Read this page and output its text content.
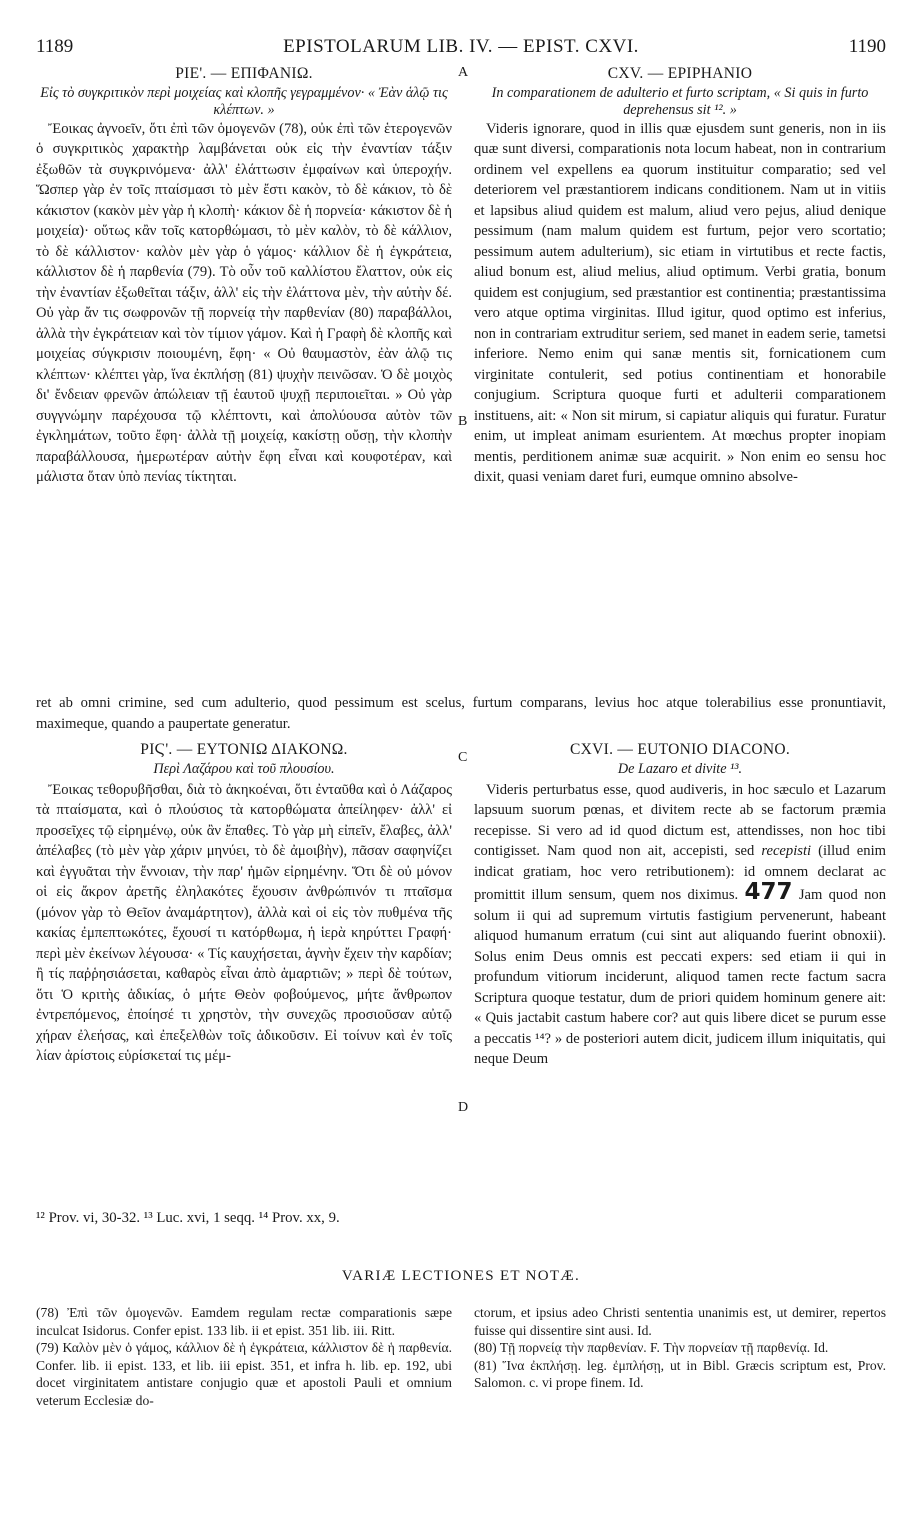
1189	EPISTOLARUM LIB. IV. — EPIST. CXVI.	1190
A
B
C
D
ΡΙΕ'. — ΕΠΙΦΑΝΙΩ.
Εἰς τὸ συγκριτικὸν περὶ μοιχείας καὶ κλοπῆς γεγραμμένον· « Ἐὰν ἁλῷ τις κλέπτων. »
Ἔοικας ἀγνοεῖν, ὅτι ἐπὶ τῶν ὁμογενῶν (78), οὐκ ἐπὶ τῶν ἑτερογενῶν ὁ συγκριτικὸς χαρακτὴρ λαμβάνεται οὐκ εἰς τὴν ἐναντίαν τάξιν ἐξωθῶν τὰ συγκρινόμενα· ἀλλ' ἐλάττωσιν ἐμφαίνων καὶ ὑπεροχήν. Ὥσπερ γὰρ ἐν τοῖς πταίσμασι τὸ μὲν ἔστι κακὸν, τὸ δὲ κάκιον, τὸ δὲ κάκιστον (κακὸν μὲν γὰρ ἡ κλοπὴ· κάκιον δὲ ἡ πορνεία· κάκιστον δὲ ἡ μοιχεία)· οὕτως κἂν τοῖς κατορθώμασι, τὸ μὲν καλὸν, τὸ δὲ κάλλιον, τὸ δὲ κάλλιστον· καλὸν μὲν γὰρ ὁ γάμος· κάλλιον δὲ ἡ ἐγκράτεια, κάλλιστον δὲ ἡ παρθενία (79). Τὸ οὖν τοῦ καλλίστου ἔλαττον, οὐκ εἰς τὴν ἐναντίαν ἐξωθεῖται τάξιν, ἀλλ' εἰς τὴν ἐλάττονα μὲν, τὴν αὐτὴν δέ. Οὐ γὰρ ἄν τις σωφρονῶν τῇ πορνείᾳ τὴν παρθενίαν (80) παραβάλλοι, ἀλλὰ τὴν ἐγκράτειαν καὶ τὸν τίμιον γάμον. Καὶ ἡ Γραφὴ δὲ κλοπῆς καὶ μοιχείας σύγκρισιν ποιουμένη, ἔφη· « Οὐ θαυμαστὸν, ἐὰν ἁλῷ τις κλέπτων· κλέπτει γὰρ, ἵνα ἐκπλήσῃ (81) ψυχὴν πεινῶσαν. Ὁ δὲ μοιχὸς δι' ἔνδειαν φρενῶν ἀπώλειαν τῇ ἑαυτοῦ ψυχῇ περιποιεῖται. » Οὐ γὰρ συγγνώμην παρέχουσα τῷ κλέπτοντι, καὶ ἀπολύουσα αὐτὸν τῶν ἐγκλημάτων, τοῦτο ἔφη· ἀλλὰ τῇ μοιχείᾳ, κακίστῃ οὔσῃ, τὴν κλοπὴν παραβάλλουσα, ἡμερωτέραν αὐτὴν ἔφη εἶναι καὶ κουφοτέραν, καὶ μάλιστα ὅταν ὑπὸ πενίας τίκτηται.
CXV. — EPIPHANIO
In comparationem de adulterio et furto scriptam, « Si quis in furto deprehensus sit ¹². »
Videris ignorare, quod in illis quæ ejusdem sunt generis, non in iis quæ sunt diversi, comparationis nota locum habeat, non in contrarium ordinem vel expellens ea quorum instituitur comparatio; sed vel deteriorem vel præstantiorem indicans conditionem. Nam ut in vitiis et lapsibus aliud quidem est malum, aliud vero pejus, aliud denique pessimum (nam malum quidem est furtum, pejor vero scortatio; pessimum autem adulterium), sic etiam in virtutibus et recte factis, aliud bonum est, aliud melius, aliud optimum. Verbi gratia, bonum quidem est conjugium, sed præstantior est continentia; præstantissima vero atque optima virginitas. Illud igitur, quod optimo est inferius, non in contrariam extruditur seriem, sed manet in eadem serie, tametsi inferiore. Nemo enim qui sanæ mentis sit, fornicationem cum virginitate contulerit, sed potius continentiam et honorabile conjugium. Scriptura quoque furti et adulterii comparationem instituens, ait: « Non sit mirum, si capiatur aliquis qui furatur. Furatur enim, ut impleat animam esurientem. At mœchus propter inopiam mentis, perditionem animæ suæ acquirit. » Non enim eo sensu hoc dixit, quasi veniam daret furi, eumque omnino absolve-
ret ab omni crimine, sed cum adulterio, quod pessimum est scelus, furtum comparans, levius hoc atque tolerabilius esse pronuntiavit, maximeque, quando a paupertate generatur.
ΡΙϚ'. — ΕΥΤΟΝΙΩ ΔΙΑΚΟΝΩ.
Περὶ Λαζάρου καὶ τοῦ πλουσίου.
Ἔοικας τεθορυβῆσθαι, διὰ τὸ ἀκηκοέναι, ὅτι ἐνταῦθα καὶ ὁ Λάζαρος τὰ πταίσματα, καὶ ὁ πλούσιος τὰ κατορθώματα ἀπείληφεν· ἀλλ' εἰ προσεῖχες τῷ εἰρημένῳ, οὐκ ἂν ἔπαθες. Τὸ γὰρ μὴ εἰπεῖν, ἔλαβες, ἀλλ' ἀπέλαβες (τὸ μὲν γὰρ χάριν μηνύει, τὸ δὲ ἀμοιβὴν), πᾶσαν σαφηνίζει καὶ ἐγγυᾶται τὴν ἔννοιαν, τὴν παρ' ἡμῶν εἰρημένην. Ὅτι δὲ οὐ μόνον οἱ εἰς ἄκρον ἀρετῆς ἐληλακότες ἔχουσιν ἀνθρώπινόν τι πταῖσμα (μόνον γὰρ τὸ Θεῖον ἀναμάρτητον), ἀλλὰ καὶ οἱ εἰς τὸν πυθμένα τῆς κακίας ἐμπεπτωκότες, ἔχουσί τι κατόρθωμα, ἡ ἱερὰ κηρύττει Γραφή· περὶ μὲν ἐκείνων λέγουσα· « Τίς καυχήσεται, ἁγνὴν ἔχειν τὴν καρδίαν; ἢ τίς παῤῥησιάσεται, καθαρὸς εἶναι ἀπὸ ἁμαρτιῶν; » περὶ δὲ τούτων, ὅτι Ὁ κριτὴς ἀδικίας, ὁ μήτε Θεὸν φοβούμενος, μήτε ἄνθρωπον ἐντρεπόμενος, ἐποίησέ τι χρηστὸν, τὴν συνεχῶς προσιοῦσαν αὐτῷ χήραν ἐλεήσας, καὶ ἐπεξελθὼν τοῖς ἀδικοῦσιν. Εἰ τοίνυν καὶ ἐν τοῖς λίαν ἀρίστοις εὑρίσκεταί τις μέμ-
CXVI. — EUTONIO DIACONO.
De Lazaro et divite ¹³.
Videris perturbatus esse, quod audiveris, in hoc sæculo et Lazarum lapsuum suorum pœnas, et divitem recte ab se factorum præmia recepisse. Si vero ad id quod dictum est, attendisses, non hoc tibi contigisset. Nam quod non ait, accepisti, sed recepisti (illud enim indicat gratiam, hoc vero retributionem): id omnem declarat ac promittit illum sensum, quem nos diximus. 477 Jam quod non solum ii qui ad supremum virtutis fastigium pervenerunt, habeant aliquod humanum erratum (cui sint aut aliquando fuerint obnoxii). Solus enim Deus omnis est peccati expers: sed etiam ii qui in profundum vitiorum inciderunt, aliquod tamen recte factum sacra Scriptura quoque testatur, dum de priori quidem hominum genere ait: « Quis jactabit castum habere cor? aut quis libere dicet se purum esse a peccatis ¹⁴? » de posteriori autem dicit, judicem illum iniquitatis, qui neque Deum
¹² Prov. vi, 30-32. ¹³ Luc. xvi, 1 seqq. ¹⁴ Prov. xx, 9.
VARIÆ LECTIONES ET NOTÆ.

(78) Ἐπὶ τῶν ὁμογενῶν. Eamdem regulam rectæ comparationis sæpe inculcat Isidorus. Confer epist. 133 lib. ii et epist. 351 lib. iii. Ritt.

(79) Καλὸν μὲν ὁ γάμος, κάλλιον δὲ ἡ ἐγκράτεια, κάλλιστον δὲ ἡ παρθενία. Confer. lib. ii epist. 133, et lib. iii epist. 351, et infra h. lib. ep. 192, ubi docet virginitatem antistare conjugio quæ et apostoli Pauli et omnium veterum Ecclesiæ do-

ctorum, et ipsius adeo Christi sententia unanimis est, ut demirer, repertos fuisse qui dissentire sint ausi. Id.

(80) Τῇ πορνείᾳ τὴν παρθενίαν. F. Τὴν πορνείαν τῇ παρθενίᾳ. Id.

(81) Ἵνα ἐκπλήσῃ. leg. ἐμπλήσῃ, ut in Bibl. Græcis scriptum est, Prov. Salomon. c. vi prope finem. Id.
